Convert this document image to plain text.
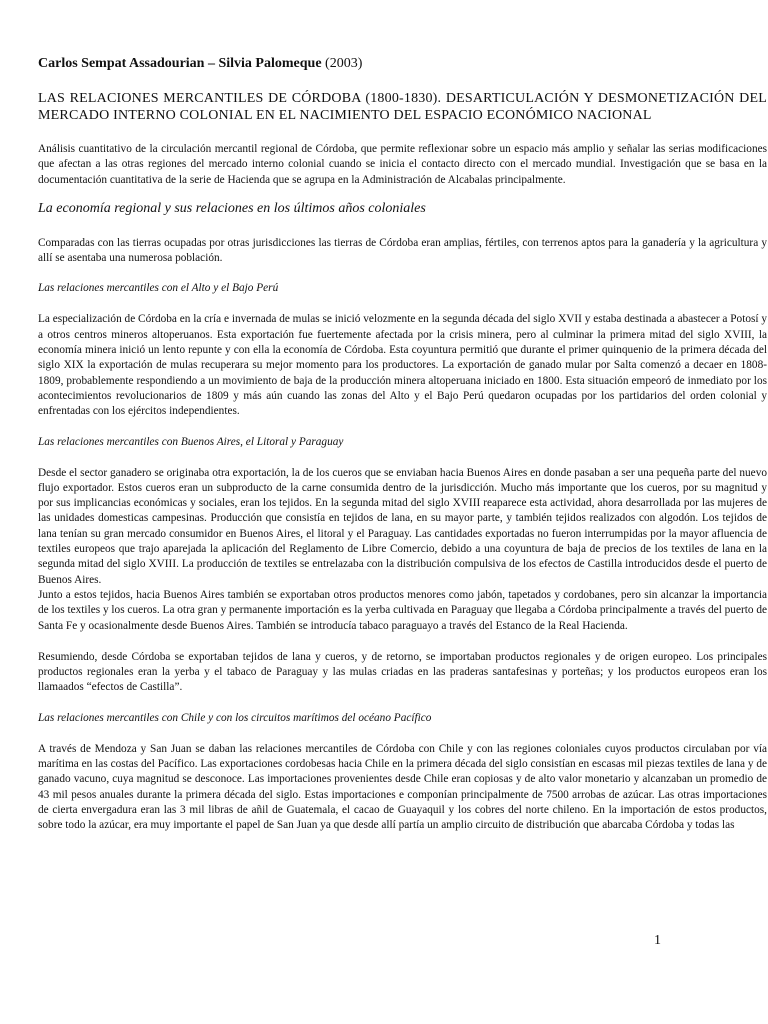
Carlos Sempat Assadourian – Silvia Palomeque (2003)
LAS RELACIONES MERCANTILES DE CÓRDOBA (1800-1830). DESARTICULACIÓN Y DESMONETIZACIÓN DEL MERCADO INTERNO COLONIAL EN EL NACIMIENTO DEL ESPACIO ECONÓMICO NACIONAL

Análisis cuantitativo de la circulación mercantil regional de Córdoba, que permite reflexionar sobre un espacio más amplio y señalar las serias modificaciones que afectan a las otras regiones del mercado interno colonial cuando se inicia el contacto directo con el mercado mundial. Investigación que se basa en la documentación cuantitativa de la serie de Hacienda que se agrupa en la Administración de Alcabalas principalmente.

La economía regional y sus relaciones en los últimos años coloniales

Comparadas con las tierras ocupadas por otras jurisdicciones las tierras de Córdoba eran amplias, fértiles, con terrenos aptos para la ganadería y la agricultura y allí se asentaba una numerosa población.

Las relaciones mercantiles con el Alto y el Bajo Perú

La especialización de Córdoba en la cría e invernada de mulas se inició velozmente en la segunda década del siglo XVII y estaba destinada a abastecer a Potosí y a otros centros mineros altoperuanos. Esta exportación fue fuertemente afectada por la crisis minera, pero al culminar la primera mitad del siglo XVIII, la economía minera inició un lento repunte y con ella la economía de Córdoba. Esta coyuntura permitió que durante el primer quinquenio de la primera década del siglo XIX la exportación de mulas recuperara su mejor momento para los productores. La exportación de ganado mular por Salta comenzó a decaer en 1808-1809, probablemente respondiendo a un movimiento de baja de la producción minera altoperuana iniciado en 1800. Esta situación empeoró de inmediato por los acontecimientos revolucionarios de 1809 y más aún cuando las zonas del Alto y el Bajo Perú quedaron ocupadas por los partidarios del orden colonial y enfrentadas con los ejércitos independientes.

Las relaciones mercantiles con Buenos Aires, el Litoral y Paraguay

Desde el sector ganadero se originaba otra exportación, la de los cueros que se enviaban hacia Buenos Aires en donde pasaban a ser una pequeña parte del nuevo flujo exportador. Estos cueros eran un subproducto de la carne consumida dentro de la jurisdicción. Mucho más importante que los cueros, por su magnitud y por sus implicancias económicas y sociales, eran los tejidos. En la segunda mitad del siglo XVIII reaparece esta actividad, ahora desarrollada por las mujeres de las unidades domesticas campesinas. Producción que consistía en tejidos de lana, en su mayor parte, y también tejidos realizados con algodón. Los tejidos de lana tenían su gran mercado consumidor en Buenos Aires, el litoral y el Paraguay. Las cantidades exportadas no fueron interrumpidas por la mayor afluencia de textiles europeos que trajo aparejada la aplicación del Reglamento de Libre Comercio, debido a una coyuntura de baja de precios de los textiles de lana en la segunda mitad del siglo XVIII. La producción de textiles se entrelazaba con la distribución compulsiva de los efectos de Castilla introducidos desde el puerto de Buenos Aires.

Junto a estos tejidos, hacia Buenos Aires también se exportaban otros productos menores como jabón, tapetados y cordobanes, pero sin alcanzar la importancia de los textiles y los cueros. La otra gran y permanente importación es la yerba cultivada en Paraguay que llegaba a Córdoba principalmente a través del puerto de Santa Fe y ocasionalmente desde Buenos Aires. También se introducía tabaco paraguayo a través del Estanco de la Real Hacienda.

Resumiendo, desde Córdoba se exportaban tejidos de lana y cueros, y de retorno, se importaban productos regionales y de origen europeo. Los principales productos regionales eran la yerba y el tabaco de Paraguay y las mulas criadas en las praderas santafesinas y porteñas; y los productos europeos eran los llamaados “efectos de Castilla”.

Las relaciones mercantiles con Chile y con los circuitos marítimos del océano Pacífico

A través de Mendoza y San Juan se daban las relaciones mercantiles de Córdoba con Chile y con las regiones coloniales cuyos productos circulaban por vía marítima en las costas del Pacífico. Las exportaciones cordobesas hacia Chile en la primera década del siglo consistían en escasas mil piezas textiles de lana y de ganado vacuno, cuya magnitud se desconoce. Las importaciones provenientes desde Chile eran copiosas y de alto valor monetario y alcanzaban un promedio de 43 mil pesos anuales durante la primera década del siglo. Estas importaciones e componían principalmente de 7500 arrobas de azúcar. Las otras importaciones de cierta envergadura eran las 3 mil libras de añil de Guatemala, el cacao de Guayaquil y los cobres del norte chileno. En la importación de estos productos, sobre todo la azúcar, era muy importante el papel de San Juan ya que desde allí partía un amplio circuito de distribución que abarcaba Córdoba y todas las

1
